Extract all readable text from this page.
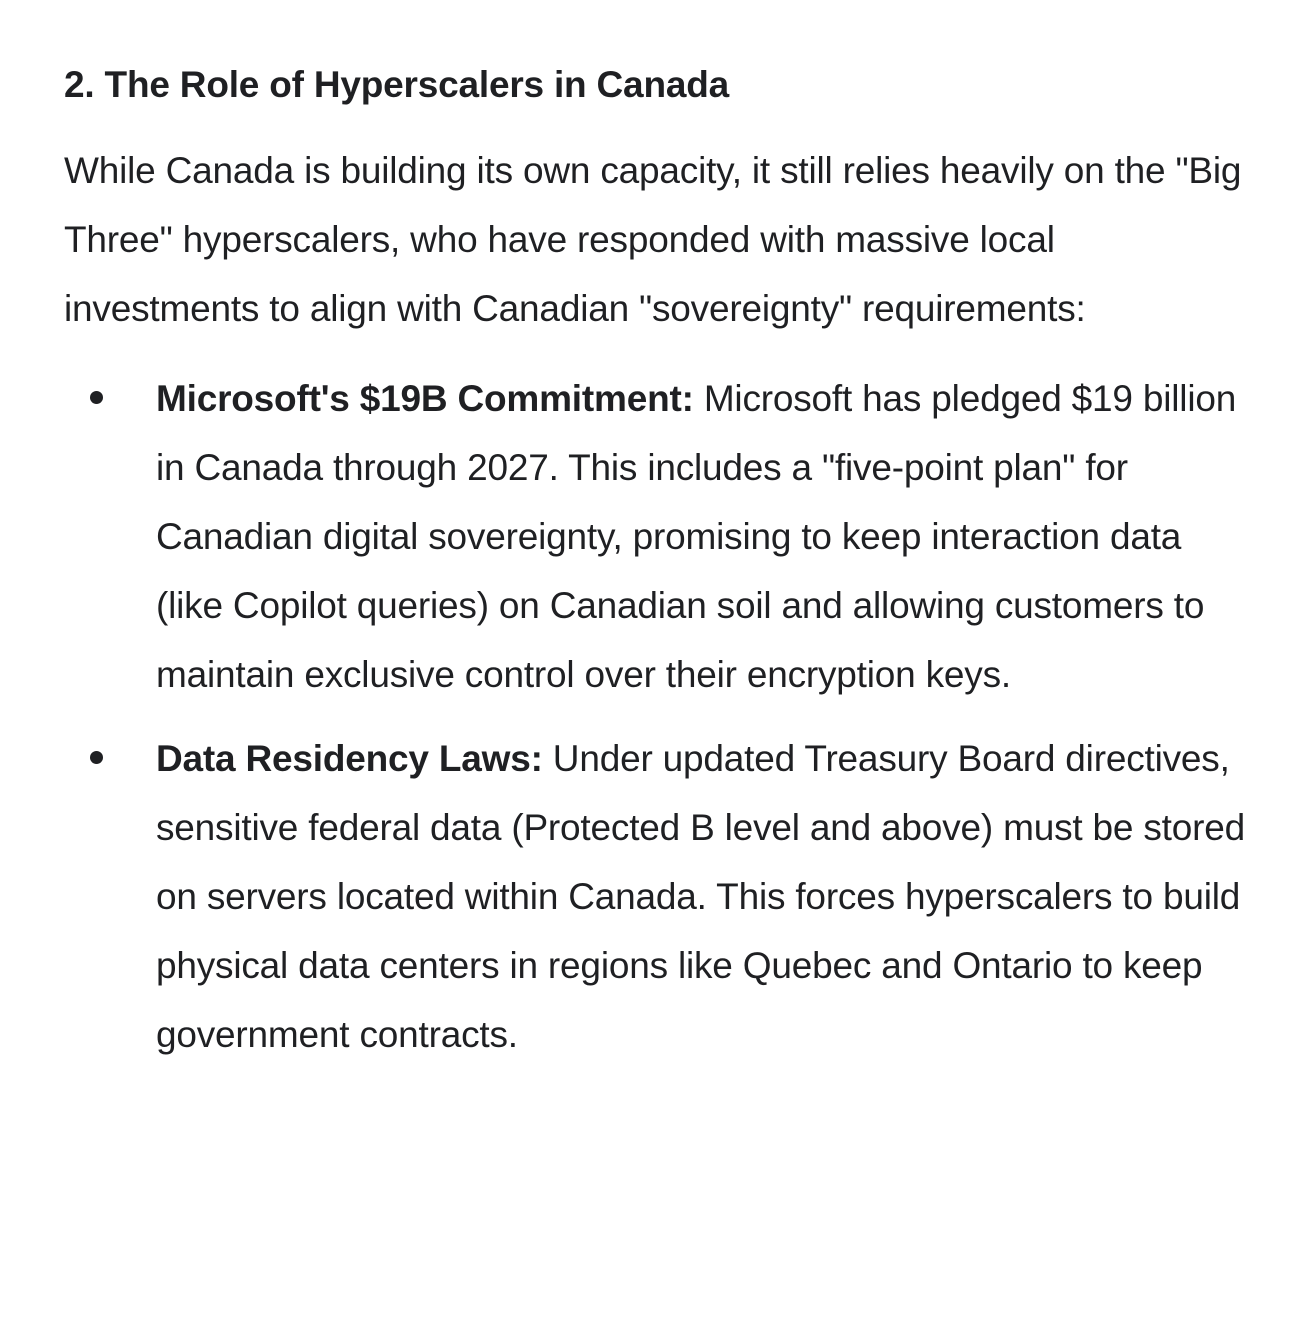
2. The Role of Hyperscalers in Canada

While Canada is building its own capacity, it still relies heavily on the "Big Three" hyperscalers, who have responded with massive local investments to align with Canadian "sovereignty" requirements:

Microsoft's $19B Commitment: Microsoft has pledged $19 billion in Canada through 2027. This includes a "five-point plan" for Canadian digital sovereignty, promising to keep interaction data (like Copilot queries) on Canadian soil and allowing customers to maintain exclusive control over their encryption keys.
Data Residency Laws: Under updated Treasury Board directives, sensitive federal data (Protected B level and above) must be stored on servers located within Canada. This forces hyperscalers to build physical data centers in regions like Quebec and Ontario to keep government contracts.
